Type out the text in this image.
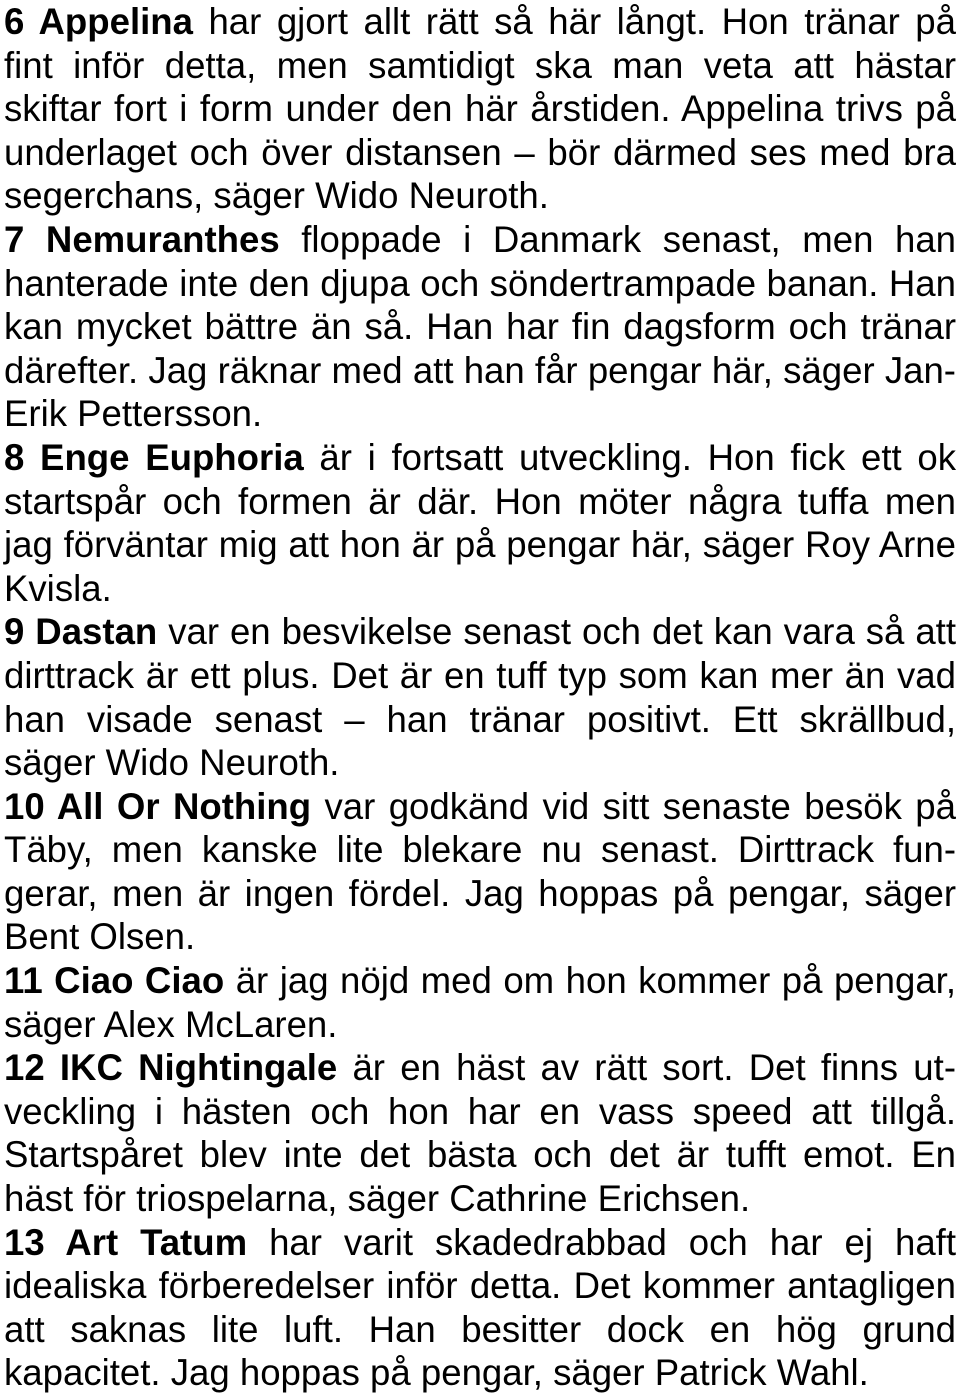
6 Appelina har gjort allt rätt så här långt. Hon tränar på fint inför detta, men samtidigt ska man veta att hästar skiftar fort i form under den här årstiden. Appelina trivs på underlaget och över distansen – bör därmed ses med bra segerchans, säger Wido Neuroth.

7 Nemuranthes floppade i Danmark senast, men han hanterade inte den djupa och söndertrampade banan. Han kan mycket bättre än så. Han har fin dagsform och tränar därefter. Jag räknar med att han får pengar här, säger Jan-Erik Pettersson.

8 Enge Euphoria är i fortsatt utveckling. Hon fick ett ok startspår och formen är där. Hon möter några tuffa men jag förväntar mig att hon är på pengar här, säger Roy Arne Kvisla.

9 Dastan var en besvikelse senast och det kan vara så att dirttrack är ett plus. Det är en tuff typ som kan mer än vad han visade senast – han tränar positivt. Ett skrällbud, säger Wido Neuroth.

10 All Or Nothing var godkänd vid sitt senaste besök på Täby, men kanske lite blekare nu senast. Dirttrack fungerar, men är ingen fördel. Jag hoppas på pengar, säger Bent Olsen.

11 Ciao Ciao är jag nöjd med om hon kommer på pengar, säger Alex McLaren.

12 IKC Nightingale är en häst av rätt sort. Det finns utveckling i hästen och hon har en vass speed att tillgå. Startspåret blev inte det bästa och det är tufft emot. En häst för triospelarna, säger Cathrine Erichsen.

13 Art Tatum har varit skadedrabbad och har ej haft idealiska förberedelser inför detta. Det kommer antagligen att saknas lite luft. Han besitter dock en hög grund kapacitet. Jag hoppas på pengar, säger Patrick Wahl.
